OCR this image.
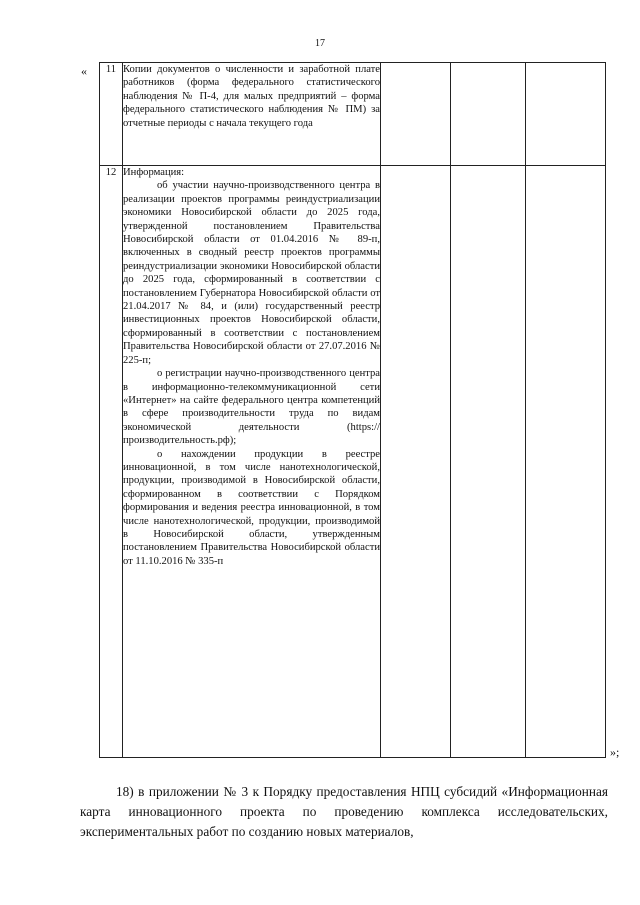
17
« 11	Копии документов о численности и заработной плате работников (форма федерального статистического наблюдения № П-4, для малых предприятий – форма федерального статистического наблюдения № ПМ) за отчетные периоды с начала текущего года			

12	Информация:
об участии научно-производственного центра в реализации проектов программы реиндустриализации экономики Новосибирской области до 2025 года, утвержденной постановлением Правительства Новосибирской области от 01.04.2016 № 89-п, включенных в сводный реестр проектов программы реиндустриализации экономики Новосибирской области до 2025 года, сформированный в соответствии с постановлением Губернатора Новосибирской области от 21.04.2017 № 84, и (или) государственный реестр инвестиционных проектов Новосибирской области, сформированный в соответствии с постановлением Правительства Новосибирской области от 27.07.2016 № 225-п;
о регистрации научно-производственного центра в информационно-телекоммуникационной сети «Интернет» на сайте федерального центра компетенций в сфере производительности труда по видам экономической деятельности (https://производительность.рф);
о нахождении продукции в реестре инновационной, в том числе нанотехнологической, продукции, производимой в Новосибирской области, сформированном в соответствии с Порядком формирования и ведения реестра инновационной, в том числе нанотехнологической, продукции, производимой в Новосибирской области, утвержденным постановлением Правительства Новосибирской области от 11.10.2016 № 335-п			

»;
18) в приложении № 3 к Порядку предоставления НПЦ субсидий «Информационная карта инновационного проекта по проведению комплекса исследовательских, экспериментальных работ по созданию новых материалов,
